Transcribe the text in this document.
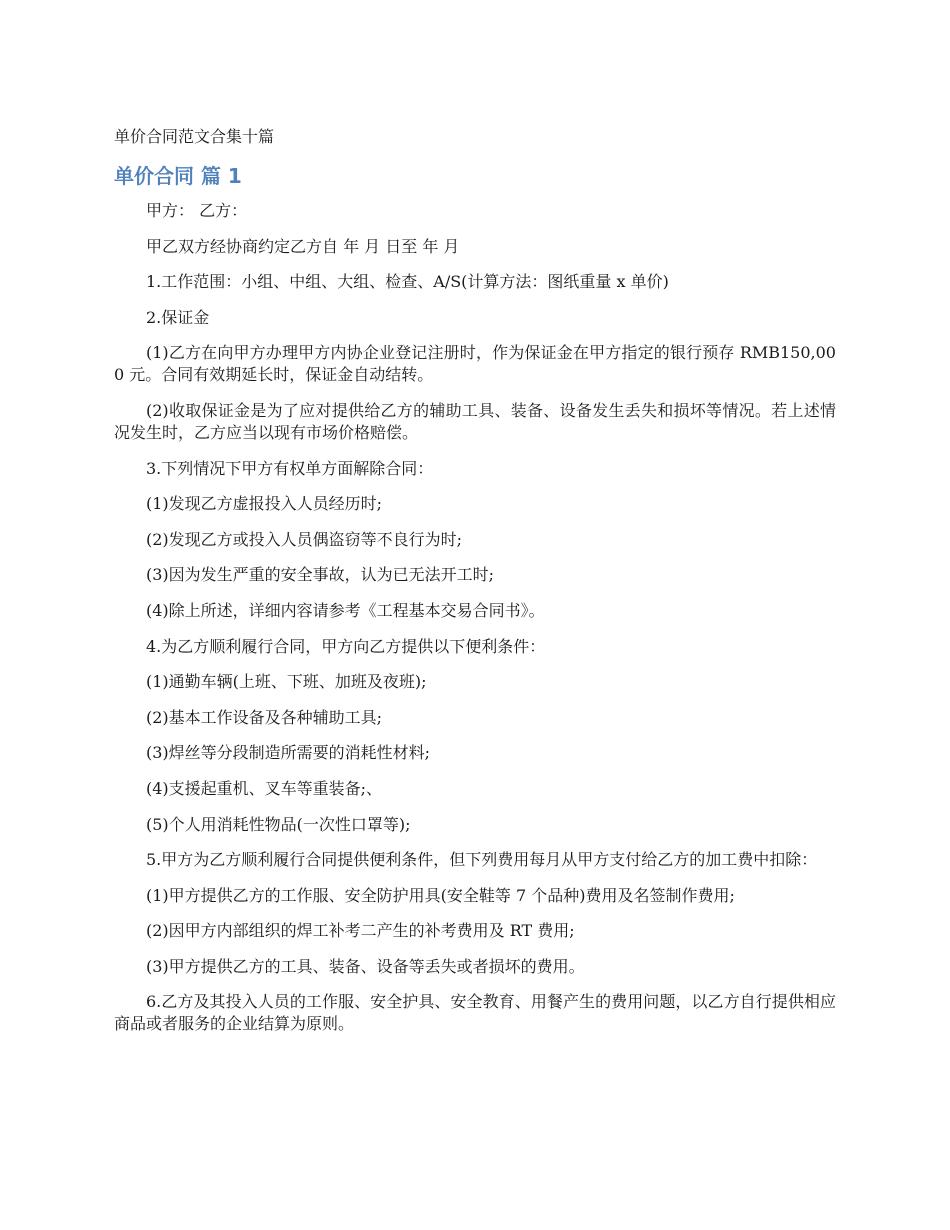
单价合同范文合集十篇
单价合同 篇 1

甲方： 乙方：

甲乙双方经协商约定乙方自 年 月 日至 年 月

1.工作范围：小组、中组、大组、检查、A/S(计算方法：图纸重量 x 单价)

2.保证金

(1)乙方在向甲方办理甲方内协企业登记注册时，作为保证金在甲方指定的银行预存 RMB150,000 元。合同有效期延长时，保证金自动结转。

(2)收取保证金是为了应对提供给乙方的辅助工具、装备、设备发生丢失和损坏等情况。若上述情况发生时，乙方应当以现有市场价格赔偿。

3.下列情况下甲方有权单方面解除合同：

(1)发现乙方虚报投入人员经历时;

(2)发现乙方或投入人员偶盗窃等不良行为时;

(3)因为发生严重的安全事故，认为已无法开工时;

(4)除上所述，详细内容请参考《工程基本交易合同书》。

4.为乙方顺利履行合同，甲方向乙方提供以下便利条件：

(1)通勤车辆(上班、下班、加班及夜班);

(2)基本工作设备及各种辅助工具;

(3)焊丝等分段制造所需要的消耗性材料;

(4)支援起重机、叉车等重装备;、

(5)个人用消耗性物品(一次性口罩等);

5.甲方为乙方顺利履行合同提供便利条件，但下列费用每月从甲方支付给乙方的加工费中扣除：

(1)甲方提供乙方的工作服、安全防护用具(安全鞋等 7 个品种)费用及名签制作费用;

(2)因甲方内部组织的焊工补考二产生的补考费用及 RT 费用;

(3)甲方提供乙方的工具、装备、设备等丢失或者损坏的费用。

6.乙方及其投入人员的工作服、安全护具、安全教育、用餐产生的费用问题，以乙方自行提供相应商品或者服务的企业结算为原则。
